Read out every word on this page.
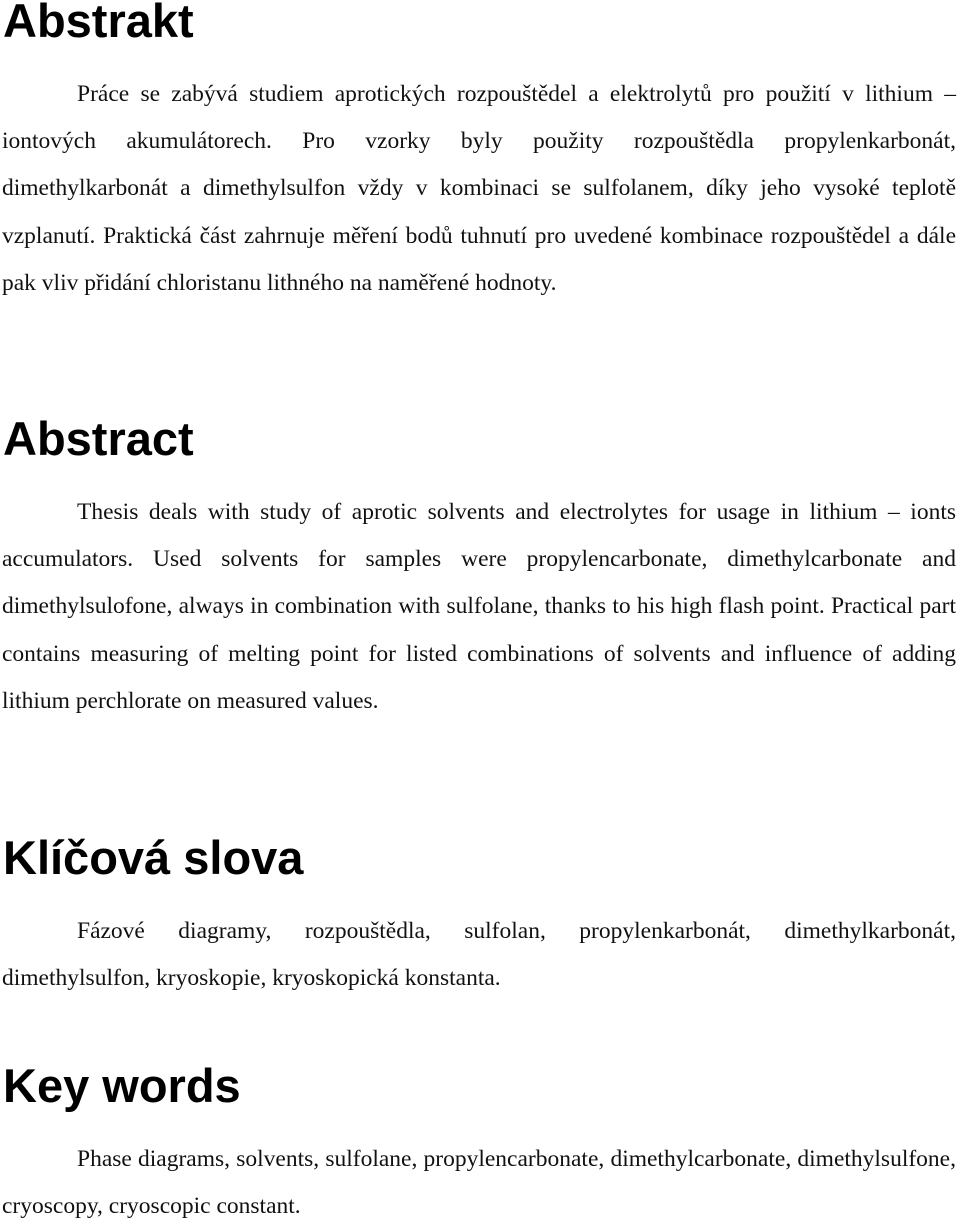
Abstrakt

Práce se zabývá studiem aprotických rozpouštědel a elektrolytů pro použití v lithium – iontových akumulátorech. Pro vzorky byly použity rozpouštědla propylenkarbonát, dimethylkarbonát a dimethylsulfon vždy v kombinaci se sulfolanem, díky jeho vysoké teplotě vzplanutí. Praktická část zahrnuje měření bodů tuhnutí pro uvedené kombinace rozpouštědel a dále pak vliv přidání chloristanu lithného na naměřené hodnoty.

Abstract

Thesis deals with study of aprotic solvents and electrolytes for usage in lithium – ionts accumulators. Used solvents for samples were propylencarbonate, dimethylcarbonate and dimethylsulofone, always in combination with sulfolane, thanks to his high flash point. Practical part contains measuring of melting point for listed combinations of solvents and influence of adding lithium perchlorate on measured values.

Klíčová slova

Fázové diagramy, rozpouštědla, sulfolan, propylenkarbonát, dimethylkarbonát, dimethylsulfon, kryoskopie, kryoskopická konstanta.

Key words

Phase diagrams, solvents, sulfolane, propylencarbonate, dimethylcarbonate, dimethylsulfone, cryoscopy, cryoscopic constant.
